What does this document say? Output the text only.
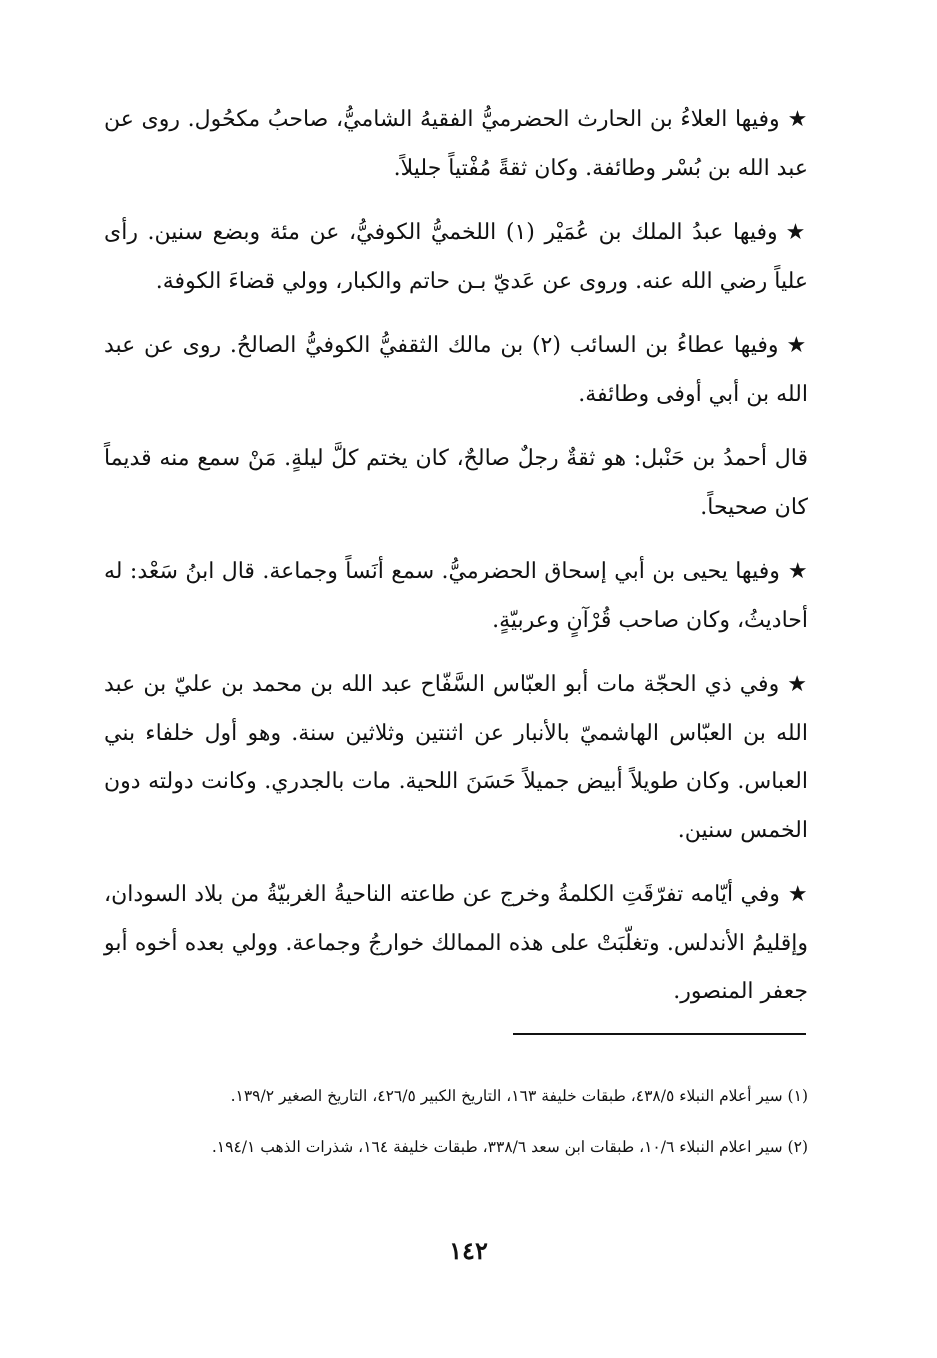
★وفيها العلاءُ بن الحارث الحضرميُّ الفقيهُ الشاميُّ، صاحبُ مكحُول. روى عن عبد الله بن بُسْر وطائفة. وكان ثقةً مُفْتياً جليلاً.

★وفيها عبدُ الملك بن عُمَيْر (١) اللخميُّ الكوفيُّ، عن مئة وبضع سنين. رأى علياً رضي الله عنه. وروى عن عَديّ بـن حاتم والكبار، وولي قضاءَ الكوفة.

★وفيها عطاءُ بن السائب (٢) بن مالك الثقفيُّ الكوفيُّ الصالحُ. روى عن عبد الله بن أبي أوفى وطائفة.

قال أحمدُ بن حَنْبل: هو ثقةٌ رجلٌ صالحٌ، كان يختم كلَّ ليلةٍ. مَنْ سمع منه قديماً كان صحيحاً.

★وفيها يحيى بن أبي إسحاق الحضرميُّ. سمع أنَساً وجماعة. قال ابنُ سَعْد: له أحاديثُ، وكان صاحب قُرْآنٍ وعربيّةٍ.

★وفي ذي الحجّة مات أبو العبّاس السَّفّاح عبد الله بن محمد بن عليّ بن عبد الله بن العبّاس الهاشميّ بالأنبار عن اثنتين وثلاثين سنة. وهو أول خلفاء بني العباس. وكان طويلاً أبيض جميلاً حَسَنَ اللحية. مات بالجدري. وكانت دولته دون الخمس سنين.

★وفي أيّامه تفرّقَتِ الكلمةُ وخرج عن طاعته الناحيةُ الغربيّةُ من بلاد السودان، وإقليمُ الأندلس. وتغلّبَتْ على هذه الممالك خوارجُ وجماعة. وولي بعده أخوه أبو جعفر المنصور.

(١) سير أعلام النبلاء ٤٣٨/٥، طبقات خليفة ١٦٣، التاريخ الكبير ٤٢٦/٥، التاريخ الصغير ١٣٩/٢.

(٢) سير اعلام النبلاء ١٠/٦، طبقات ابن سعد ٣٣٨/٦، طبقات خليفة ١٦٤، شذرات الذهب ١٩٤/١.

١٤٢
